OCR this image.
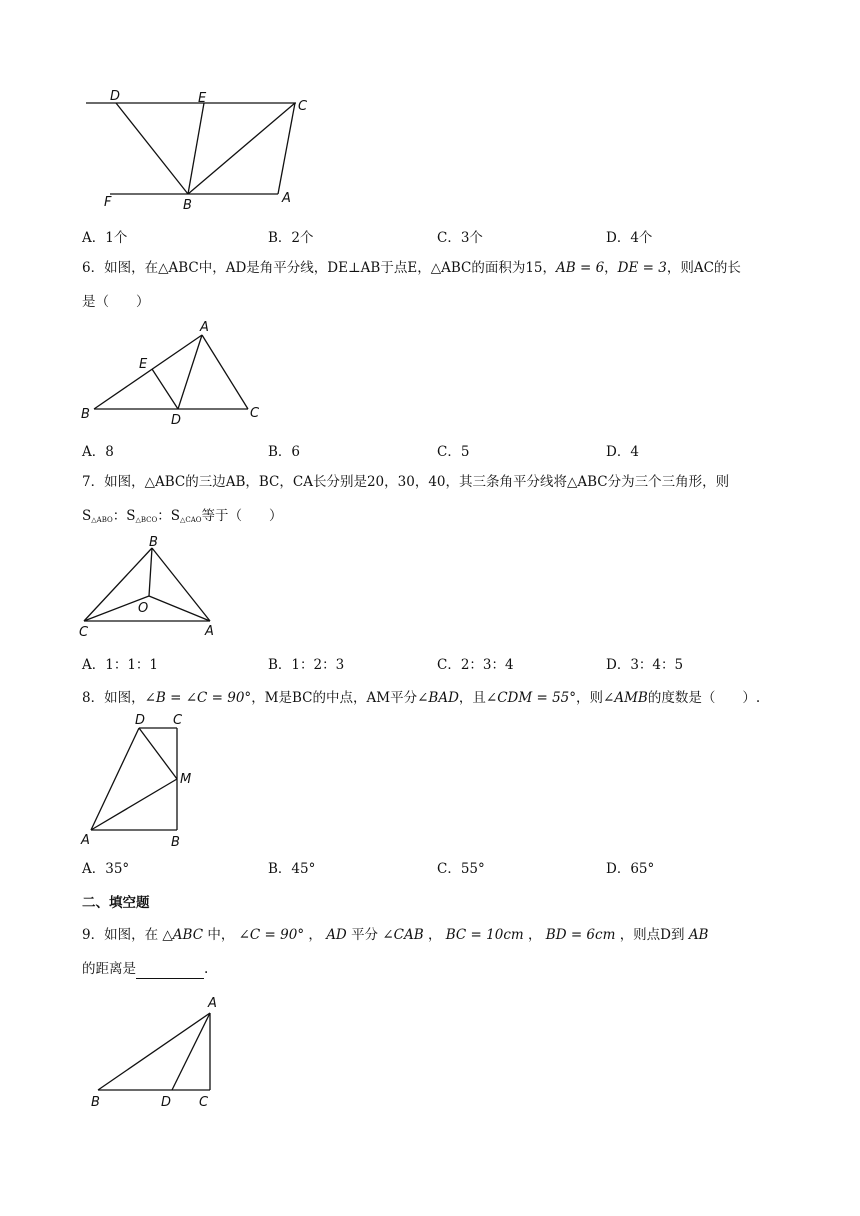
D	E
C
F	B	A
A．1个	B．2个	C．3个	D．4个
6．如图，在△ABC中，AD是角平分线，DE⊥AB于点E，△ABC的面积为15，AB = 6，DE = 3，则AC的长
是（　　）
A
E
B	D	C
A．8	B．6	C．5	D．4
7．如图，△ABC的三边AB，BC，CA长分别是20，30，40，其三条角平分线将△ABC分为三个三角形，则
$S_{\triangle ABO}$：$S_{\triangle BCO}$：$S_{\triangle CAO}$等于（　　）
B
O
C	A
A．1：1：1	B．1：2：3	C．2：3：4	D．3：4：5
8．如图，∠B = ∠C = 90°，M是BC的中点，AM平分∠BAD，且∠CDM = 55°，则∠AMB的度数是（　　）.
D C
M
A	B
A．35°	B．45°	C．55°	D．65°
二、填空题
9．如图，在 △ABC 中， ∠C = 90° ， AD 平分 ∠CAB ， BC = 10cm ， BD = 6cm ，则点D到 AB
的距离是	.
A
B	D C
